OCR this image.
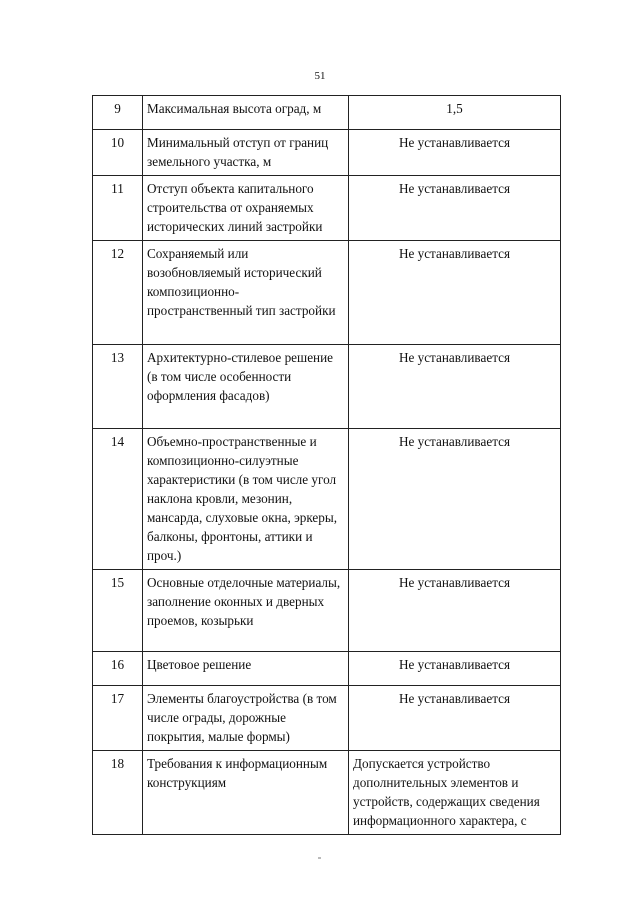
51
9	Максимальная высота оград, м	1,5
10	Минимальный отступ от границ земельного участка, м	Не устанавливается
11	Отступ объекта капитального строительства от охраняемых исторических линий застройки	Не устанавливается
12	Сохраняемый или возобновляемый исторический композиционно-пространственный тип застройки	Не устанавливается
13	Архитектурно-стилевое решение (в том числе особенности оформления фасадов)	Не устанавливается
14	Объемно-пространственные и композиционно-силуэтные характеристики (в том числе угол наклона кровли, мезонин, мансарда, слуховые окна, эркеры, балконы, фронтоны, аттики и проч.)	Не устанавливается
15	Основные отделочные материалы, заполнение оконных и дверных проемов, козырьки	Не устанавливается
16	Цветовое решение	Не устанавливается
17	Элементы благоустройства (в том числе ограды, дорожные покрытия, малые формы)	Не устанавливается
18	Требования к информационным конструкциям	Допускается устройство дополнительных элементов и устройств, содержащих сведения информационного характера, с
